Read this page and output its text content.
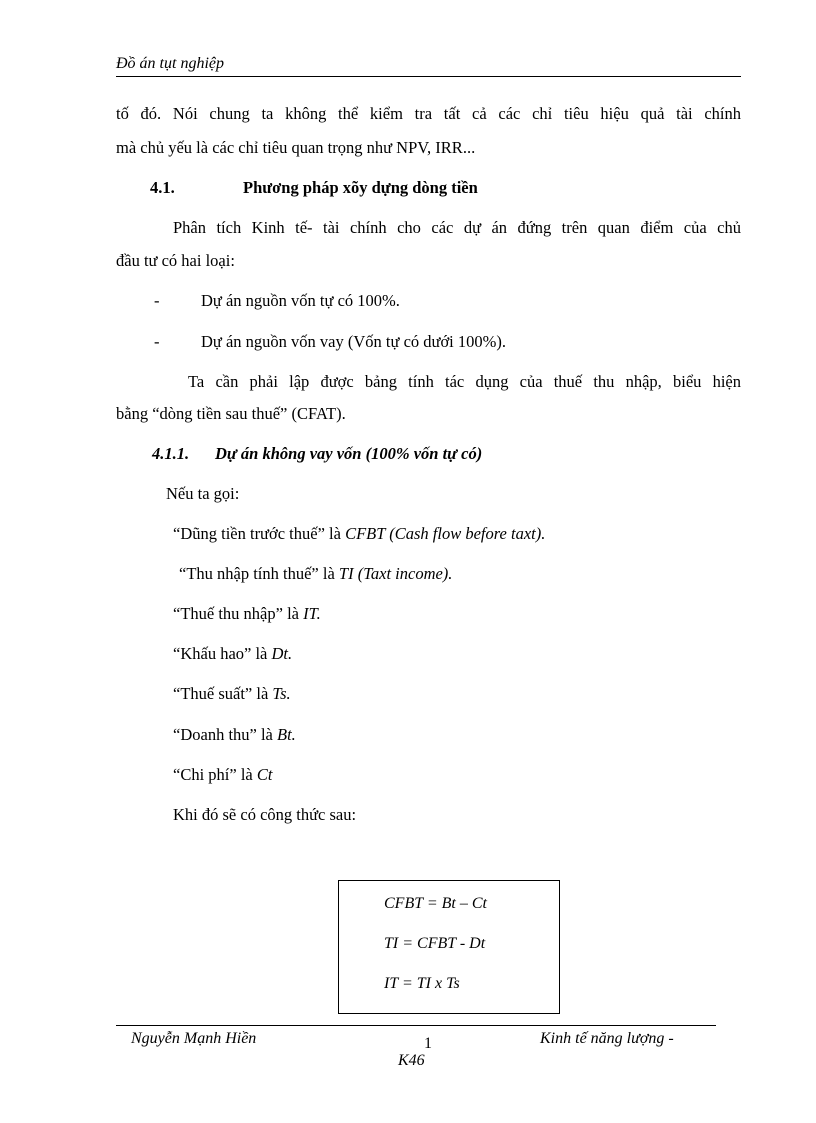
Đồ án tụt nghiệp
tố đó. Nói chung ta không thể kiểm tra tất cả các chỉ tiêu hiệu quả tài chính
mà chủ yếu là các chỉ tiêu quan trọng như NPV, IRR...
4.1.	Phương pháp xõy dựng dòng tiền
Phân tích Kinh tế- tài chính cho các dự án đứng trên quan điểm của chủ
đầu tư có hai loại:
-	Dự án nguồn vốn tự có 100%.
-	Dự án nguồn vốn vay (Vốn tự có dưới 100%).
Ta cần phải lập được bảng tính tác dụng của thuế thu nhập, biểu hiện
bằng “dòng tiền sau thuế” (CFAT).
4.1.1. Dự án không vay vốn (100% vốn tự có)
Nếu ta gọi:
“Dũng tiền trước thuế” là CFBT (Cash flow before taxt).
“Thu nhập tính thuế” là TI (Taxt income).
“Thuế thu nhập” là IT.
“Khấu hao” là Dt.
“Thuế suất” là Ts.
“Doanh thu” là Bt.
“Chi phí” là Ct
Khi đó sẽ có công thức sau:
CFBT = Bt – Ct
TI = CFBT - Dt
IT = TI x Ts
Nguyễn Mạnh Hiền	1	Kinh tế năng lượng -
K46
